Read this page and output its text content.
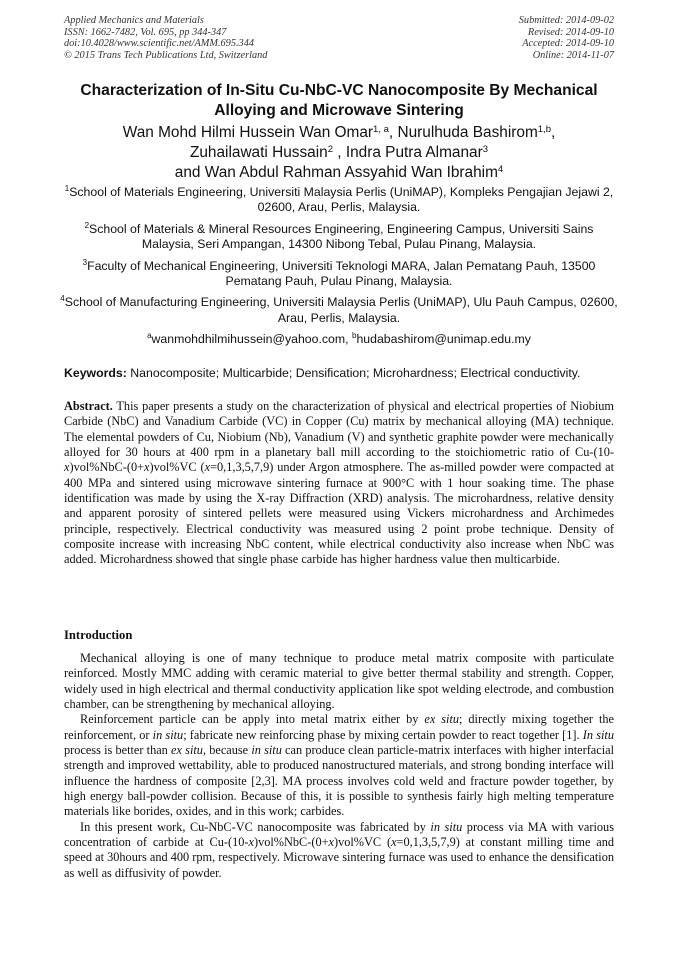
Applied Mechanics and Materials
ISSN: 1662-7482, Vol. 695, pp 344-347
doi:10.4028/www.scientific.net/AMM.695.344
© 2015 Trans Tech Publications Ltd, Switzerland
Submitted: 2014-09-02
Revised: 2014-09-10
Accepted: 2014-09-10
Online: 2014-11-07
Characterization of In-Situ Cu-NbC-VC Nanocomposite By Mechanical Alloying and Microwave Sintering
Wan Mohd Hilmi Hussein Wan Omar$^{1, a}$, Nurulhuda Bashirom$^{1,b}$,
Zuhailawati Hussain$^2$ , Indra Putra Almanar$^3$
and Wan Abdul Rahman Assyahid Wan Ibrahim$^4$

$^1$School of Materials Engineering, Universiti Malaysia Perlis (UniMAP), Kompleks Pengajian Jejawi 2, 02600, Arau, Perlis, Malaysia.

$^2$School of Materials & Mineral Resources Engineering, Engineering Campus, Universiti Sains Malaysia, Seri Ampangan, 14300 Nibong Tebal, Pulau Pinang, Malaysia.

$^3$Faculty of Mechanical Engineering, Universiti Teknologi MARA, Jalan Pematang Pauh, 13500 Pematang Pauh, Pulau Pinang, Malaysia.

$^4$School of Manufacturing Engineering, Universiti Malaysia Perlis (UniMAP), Ulu Pauh Campus, 02600, Arau, Perlis, Malaysia.

$^a$wanmohdhilmihussein@yahoo.com, $^b$hudabashirom@unimap.edu.my

Keywords: Nanocomposite; Multicarbide; Densification; Microhardness; Electrical conductivity.

Abstract. This paper presents a study on the characterization of physical and electrical properties of Niobium Carbide (NbC) and Vanadium Carbide (VC) in Copper (Cu) matrix by mechanical alloying (MA) technique. The elemental powders of Cu, Niobium (Nb), Vanadium (V) and synthetic graphite powder were mechanically alloyed for 30 hours at 400 rpm in a planetary ball mill according to the stoichiometric ratio of Cu-(10-x)vol%NbC-(0+x)vol%VC (x=0,1,3,5,7,9) under Argon atmosphere. The as-milled powder were compacted at 400 MPa and sintered using microwave sintering furnace at 900°C with 1 hour soaking time. The phase identification was made by using the X-ray Diffraction (XRD) analysis. The microhardness, relative density and apparent porosity of sintered pellets were measured using Vickers microhardness and Archimedes principle, respectively. Electrical conductivity was measured using 2 point probe technique. Density of composite increase with increasing NbC content, while electrical conductivity also increase when NbC was added. Microhardness showed that single phase carbide has higher hardness value then multicarbide.

Introduction

Mechanical alloying is one of many technique to produce metal matrix composite with particulate reinforced. Mostly MMC adding with ceramic material to give better thermal stability and strength. Copper, widely used in high electrical and thermal conductivity application like spot welding electrode, and combustion chamber, can be strengthening by mechanical alloying.

Reinforcement particle can be apply into metal matrix either by ex situ; directly mixing together the reinforcement, or in situ; fabricate new reinforcing phase by mixing certain powder to react together [1]. In situ process is better than ex situ, because in situ can produce clean particle-matrix interfaces with higher interfacial strength and improved wettability, able to produced nanostructured materials, and strong bonding interface will influence the hardness of composite [2,3]. MA process involves cold weld and fracture powder together, by high energy ball-powder collision. Because of this, it is possible to synthesis fairly high melting temperature materials like borides, oxides, and in this work; carbides.

In this present work, Cu-NbC-VC nanocomposite was fabricated by in situ process via MA with various concentration of carbide at Cu-(10-x)vol%NbC-(0+x)vol%VC (x=0,1,3,5,7,9) at constant milling time and speed at 30hours and 400 rpm, respectively. Microwave sintering furnace was used to enhance the densification as well as diffusivity of powder.
